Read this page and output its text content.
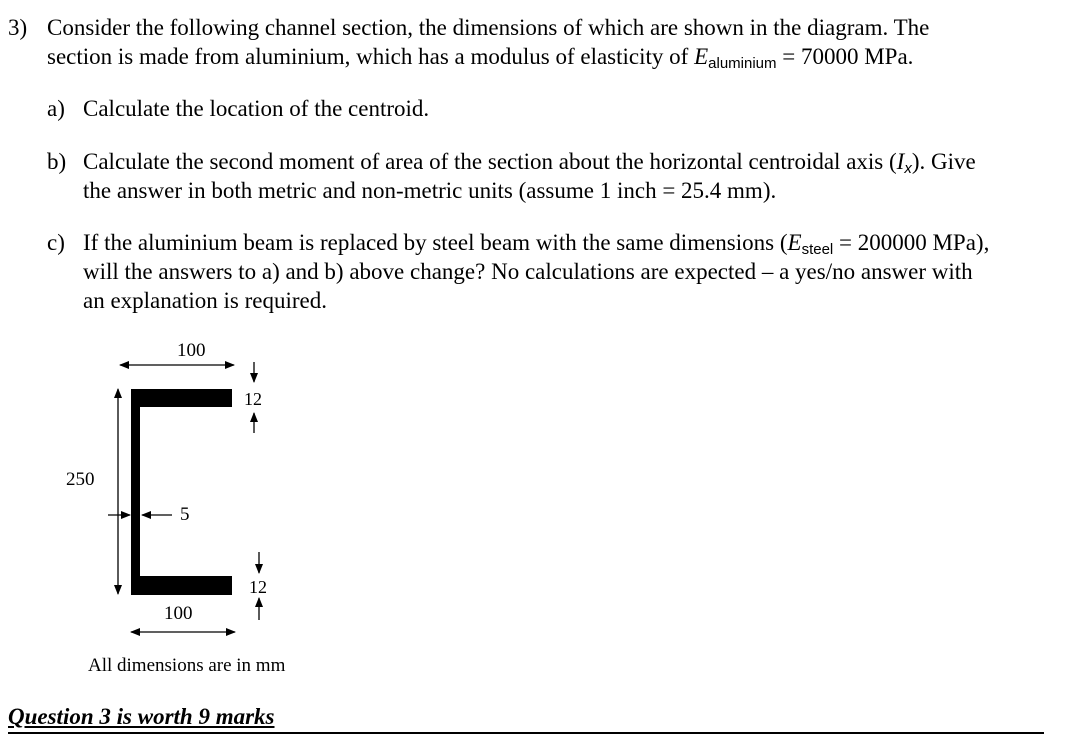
3) Consider the following channel section, the dimensions of which are shown in the diagram. The
section is made from aluminium, which has a modulus of elasticity of Ealuminium = 70000 MPa.
a) Calculate the location of the centroid.
b) Calculate the second moment of area of the section about the horizontal centroidal axis (Ix). Give
the answer in both metric and non-metric units (assume 1 inch = 25.4 mm).
c) If the aluminium beam is replaced by steel beam with the same dimensions (Esteel = 200000 MPa),
will the answers to a) and b) above change? No calculations are expected – a yes/no answer with
an explanation is required.
100
12
250
5
12
100
All dimensions are in mm
Question 3 is worth 9 marks
